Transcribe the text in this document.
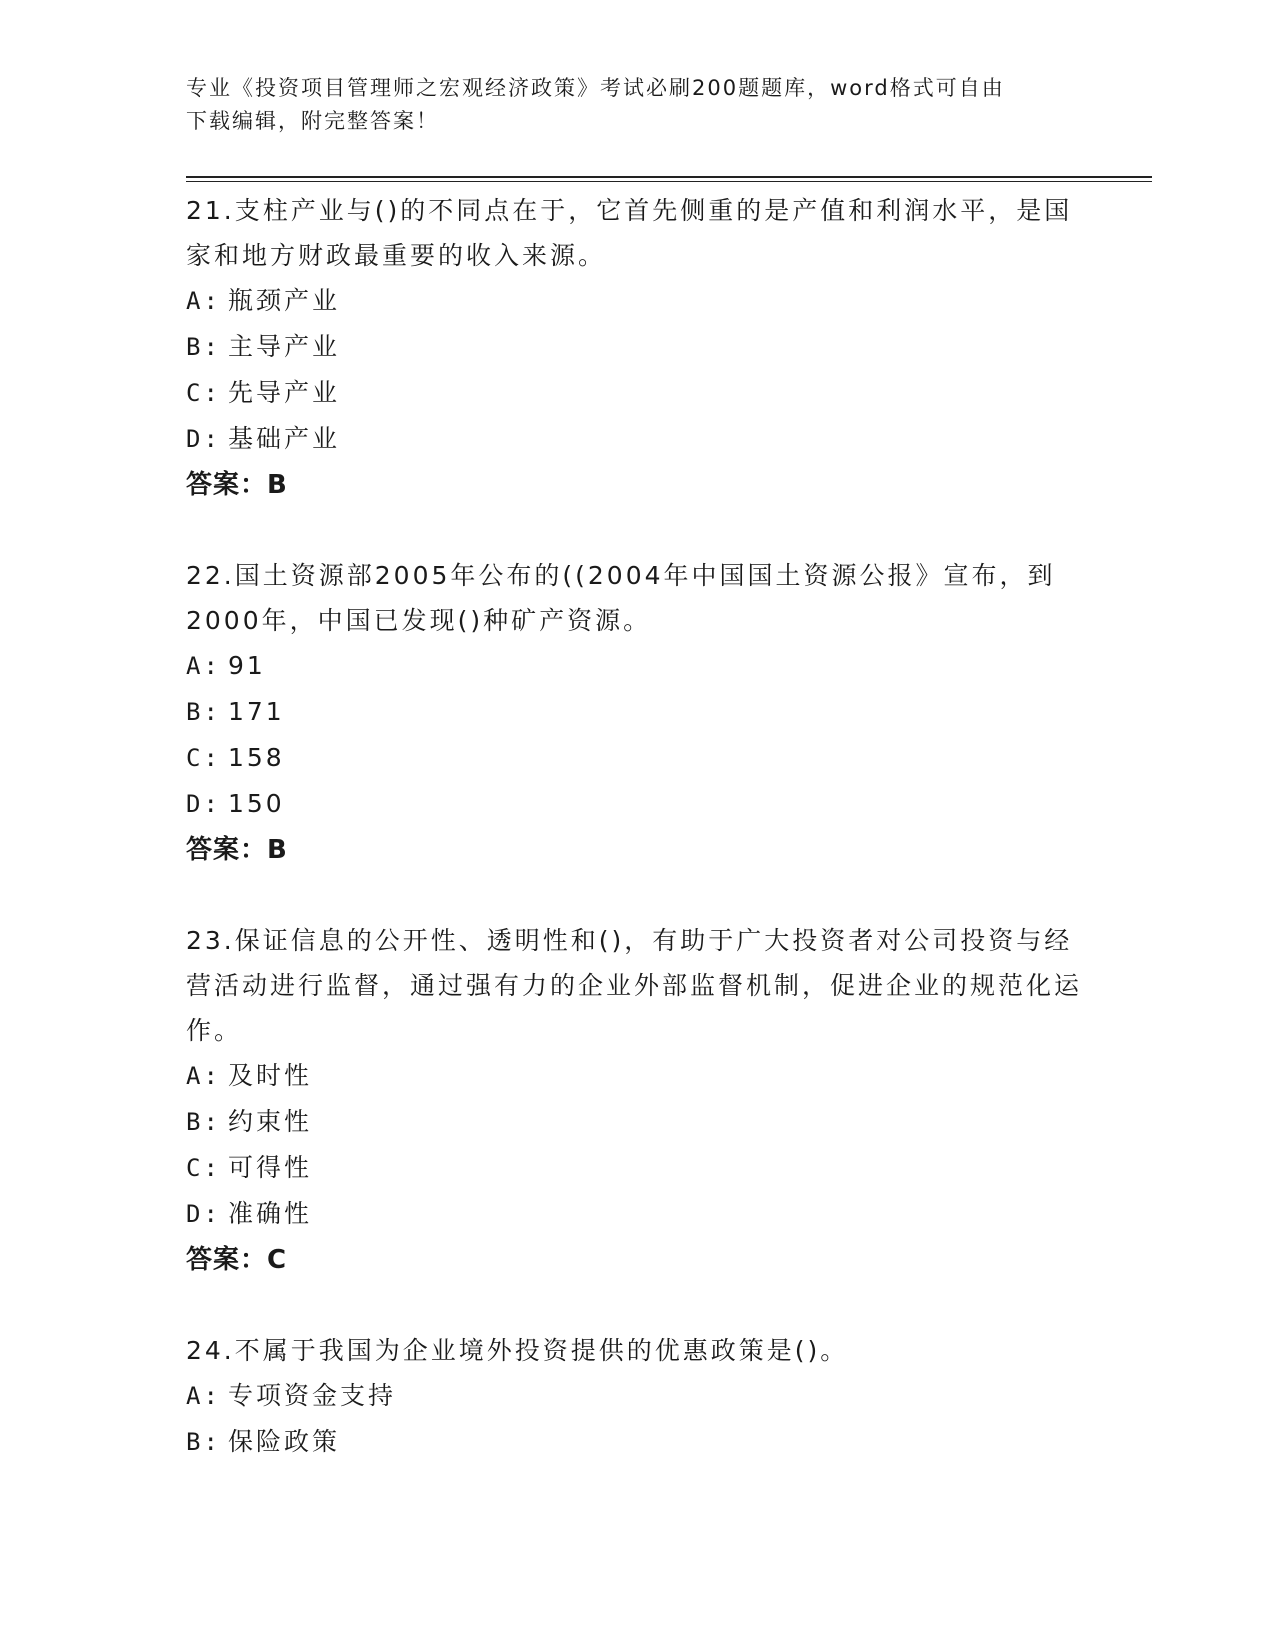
专业《投资项目管理师之宏观经济政策》考试必刷200题题库，word格式可自由
下载编辑，附完整答案！
21.支柱产业与()的不同点在于，它首先侧重的是产值和利润水平，是国家和地方财政最重要的收入来源。
A: 瓶颈产业
B: 主导产业
C: 先导产业
D: 基础产业
答案：B
22.国土资源部2005年公布的((2004年中国国土资源公报》宣布，到2000年，中国已发现()种矿产资源。
A: 91
B: 171
C: 158
D: 150
答案：B
23.保证信息的公开性、透明性和()，有助于广大投资者对公司投资与经营活动进行监督，通过强有力的企业外部监督机制，促进企业的规范化运作。
A: 及时性
B: 约束性
C: 可得性
D: 准确性
答案：C
24.不属于我国为企业境外投资提供的优惠政策是()。
A: 专项资金支持
B: 保险政策
